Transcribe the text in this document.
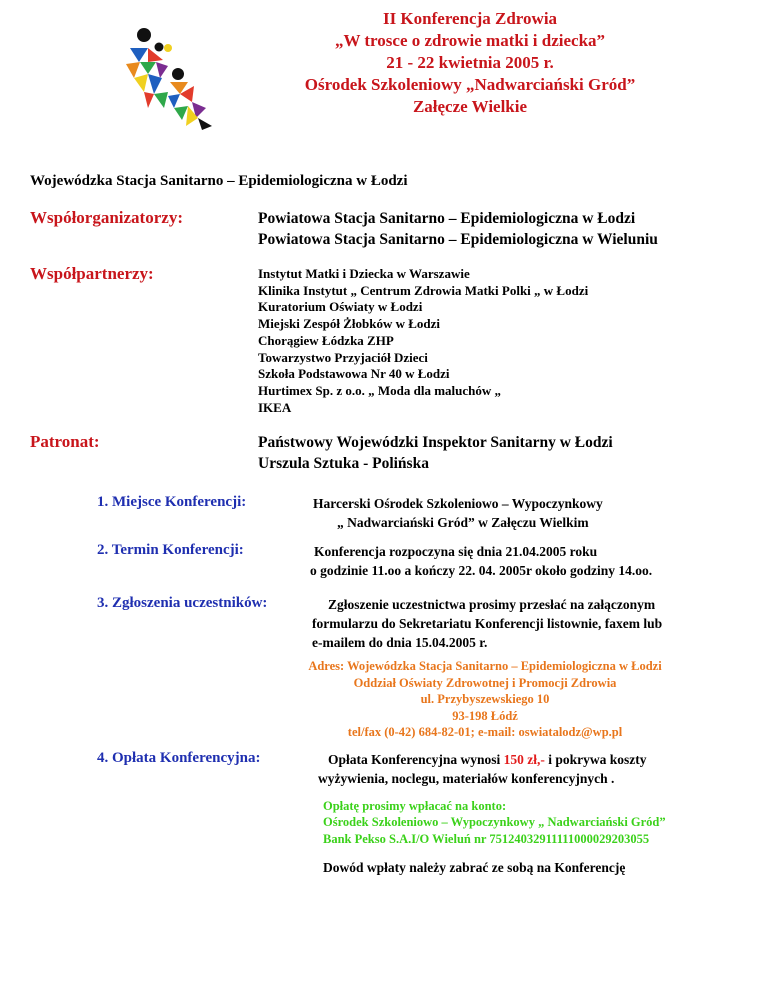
II Konferencja Zdrowia
„W trosce o zdrowie matki i dziecka”
21 - 22 kwietnia 2005 r.
Ośrodek Szkoleniowy „Nadwarciański Gród”
Załęcze Wielkie
Wojewódzka Stacja Sanitarno – Epidemiologiczna w Łodzi
Współorganizatorzy:	Powiatowa Stacja Sanitarno – Epidemiologiczna w Łodzi
Powiatowa Stacja Sanitarno – Epidemiologiczna w Wieluniu
Współpartnerzy:	Instytut Matki i Dziecka w Warszawie
Klinika Instytut „ Centrum Zdrowia Matki Polki „ w Łodzi
Kuratorium Oświaty w Łodzi
Miejski Zespół Żłobków w Łodzi
Chorągiew Łódzka ZHP
Towarzystwo Przyjaciół Dzieci
Szkoła Podstawowa Nr 40 w Łodzi
Hurtimex Sp. z o.o. „ Moda dla maluchów „
IKEA
Patronat:	Państwowy Wojewódzki Inspektor Sanitarny w Łodzi
Urszula Sztuka - Polińska
1. Miejsce Konferencji:	Harcerski Ośrodek Szkoleniowo – Wypoczynkowy
„ Nadwarciański Gród” w Załęczu Wielkim
2. Termin Konferencji:	Konferencja rozpoczyna się dnia 21.04.2005 roku
o godzinie 11.oo a kończy 22. 04. 2005r około godziny 14.oo.
3. Zgłoszenia uczestników:	Zgłoszenie uczestnictwa prosimy przesłać na załączonym
formularzu do Sekretariatu Konferencji listownie, faxem lub
e-mailem do dnia 15.04.2005 r.
Adres: Wojewódzka Stacja Sanitarno – Epidemiologiczna w Łodzi
Oddział Oświaty Zdrowotnej i Promocji Zdrowia
ul. Przybyszewskiego 10
93-198 Łódź
tel/fax (0-42) 684-82-01; e-mail: oswiatalodz@wp.pl
4. Opłata Konferencyjna:	Opłata Konferencyjna wynosi 150 zł,- i pokrywa koszty
wyżywienia, noclegu, materiałów konferencyjnych .
Opłatę prosimy wpłacać na konto:
Ośrodek Szkoleniowo – Wypoczynkowy „ Nadwarciański Gród”
Bank Pekso S.A.I/O Wieluń nr 75124032911111000029203055
Dowód wpłaty należy zabrać ze sobą na Konferencję
